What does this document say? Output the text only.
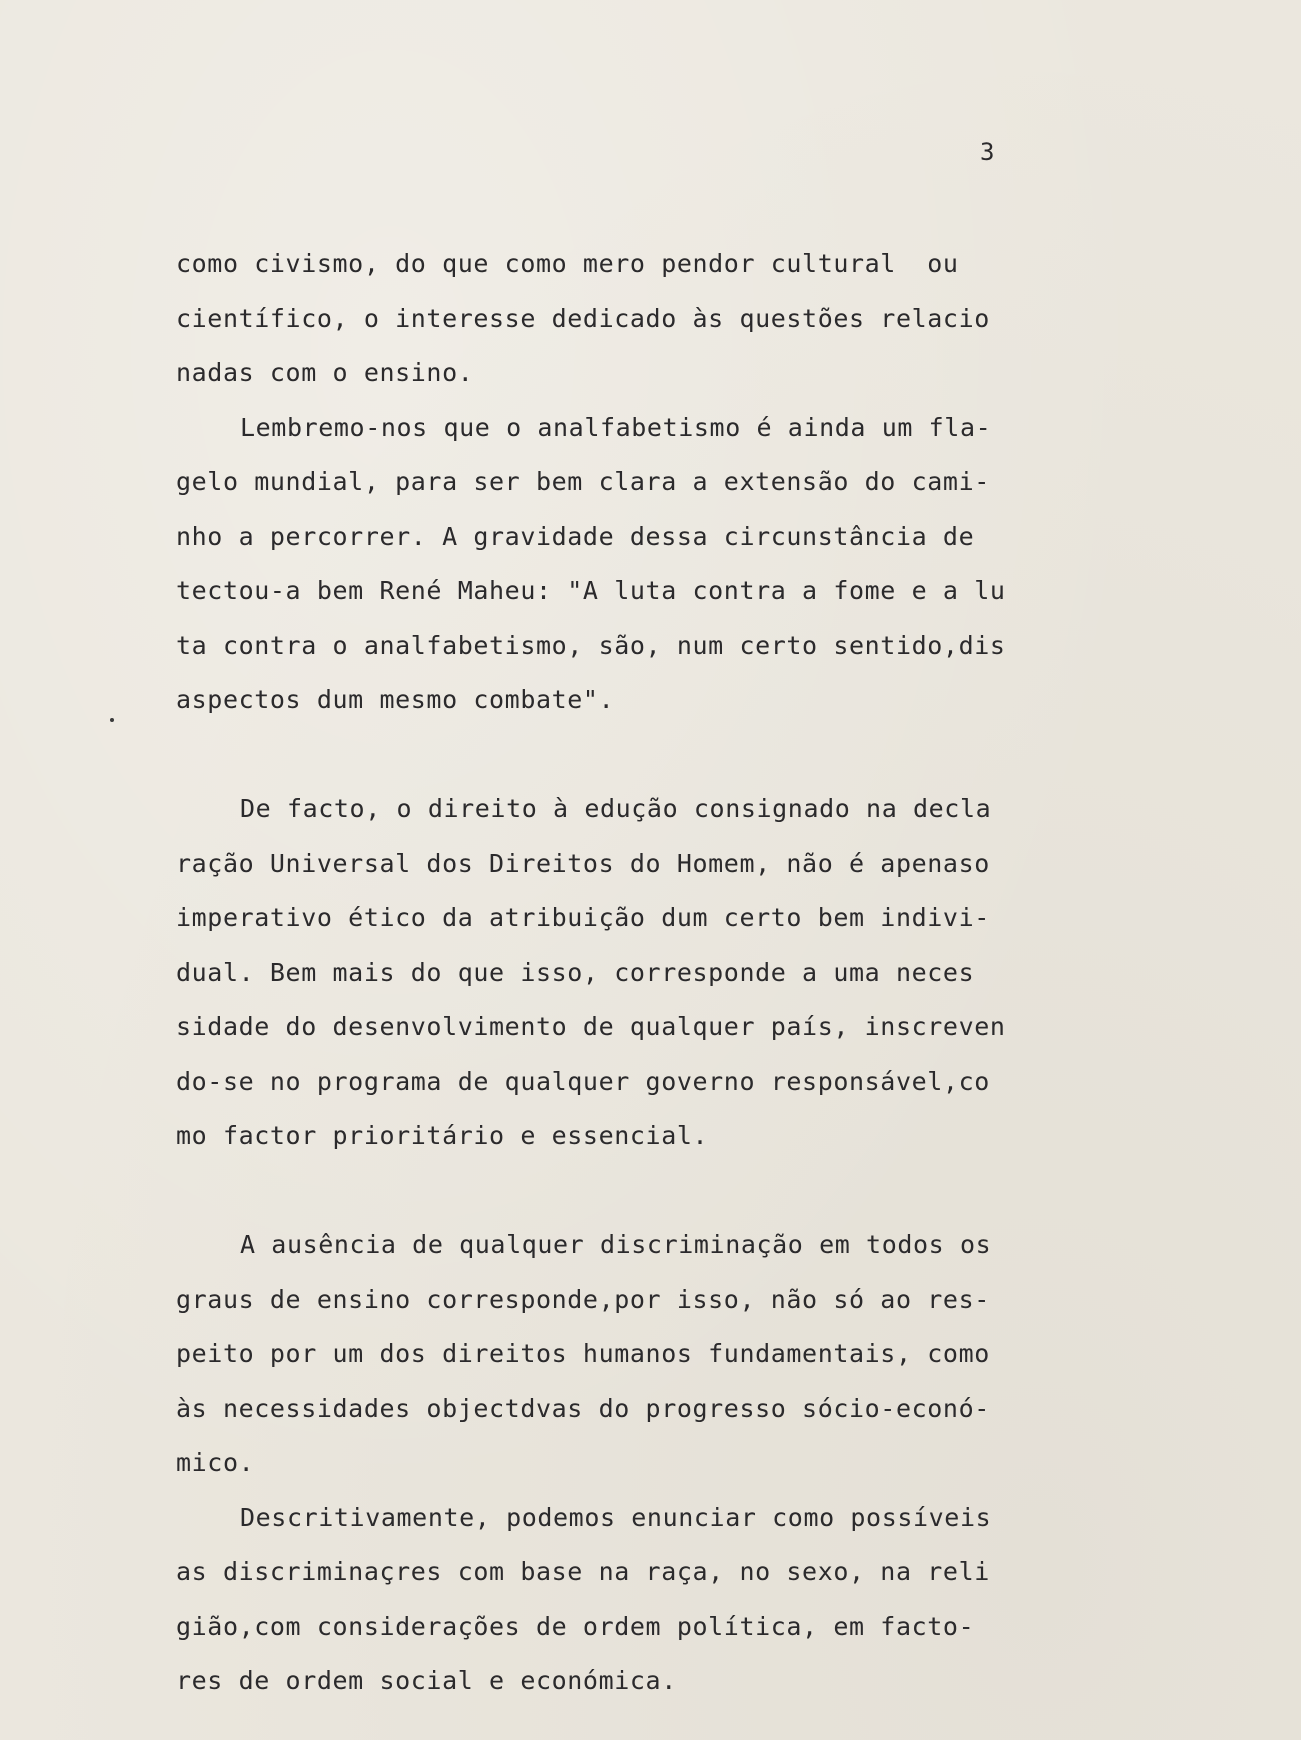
3
como civismo, do que como mero pendor cultural  ou
científico, o interesse dedicado às questões relacio
nadas com o ensino.
Lembremo-nos que o analfabetismo é ainda um fla-
gelo mundial, para ser bem clara a extensão do cami-
nho a percorrer. A gravidade dessa circunstância de
tectou-a bem René Maheu: "A luta contra a fome e a lu
ta contra o analfabetismo, são, num certo sentido,dis
aspectos dum mesmo combate".
De facto, o direito à edução consignado na decla
ração Universal dos Direitos do Homem, não é apenaso
imperativo ético da atribuição dum certo bem indivi-
dual. Bem mais do que isso, corresponde a uma neces
sidade do desenvolvimento de qualquer país, inscreven
do-se no programa de qualquer governo responsável,co
mo factor prioritário e essencial.
A ausência de qualquer discriminação em todos os
graus de ensino corresponde,por isso, não só ao res-
peito por um dos direitos humanos fundamentais, como
às necessidades objectdvas do progresso sócio-econó-
mico.
Descritivamente, podemos enunciar como possíveis
as discriminaçres com base na raça, no sexo, na reli
gião,com considerações de ordem política, em facto-
res de ordem social e económica.
